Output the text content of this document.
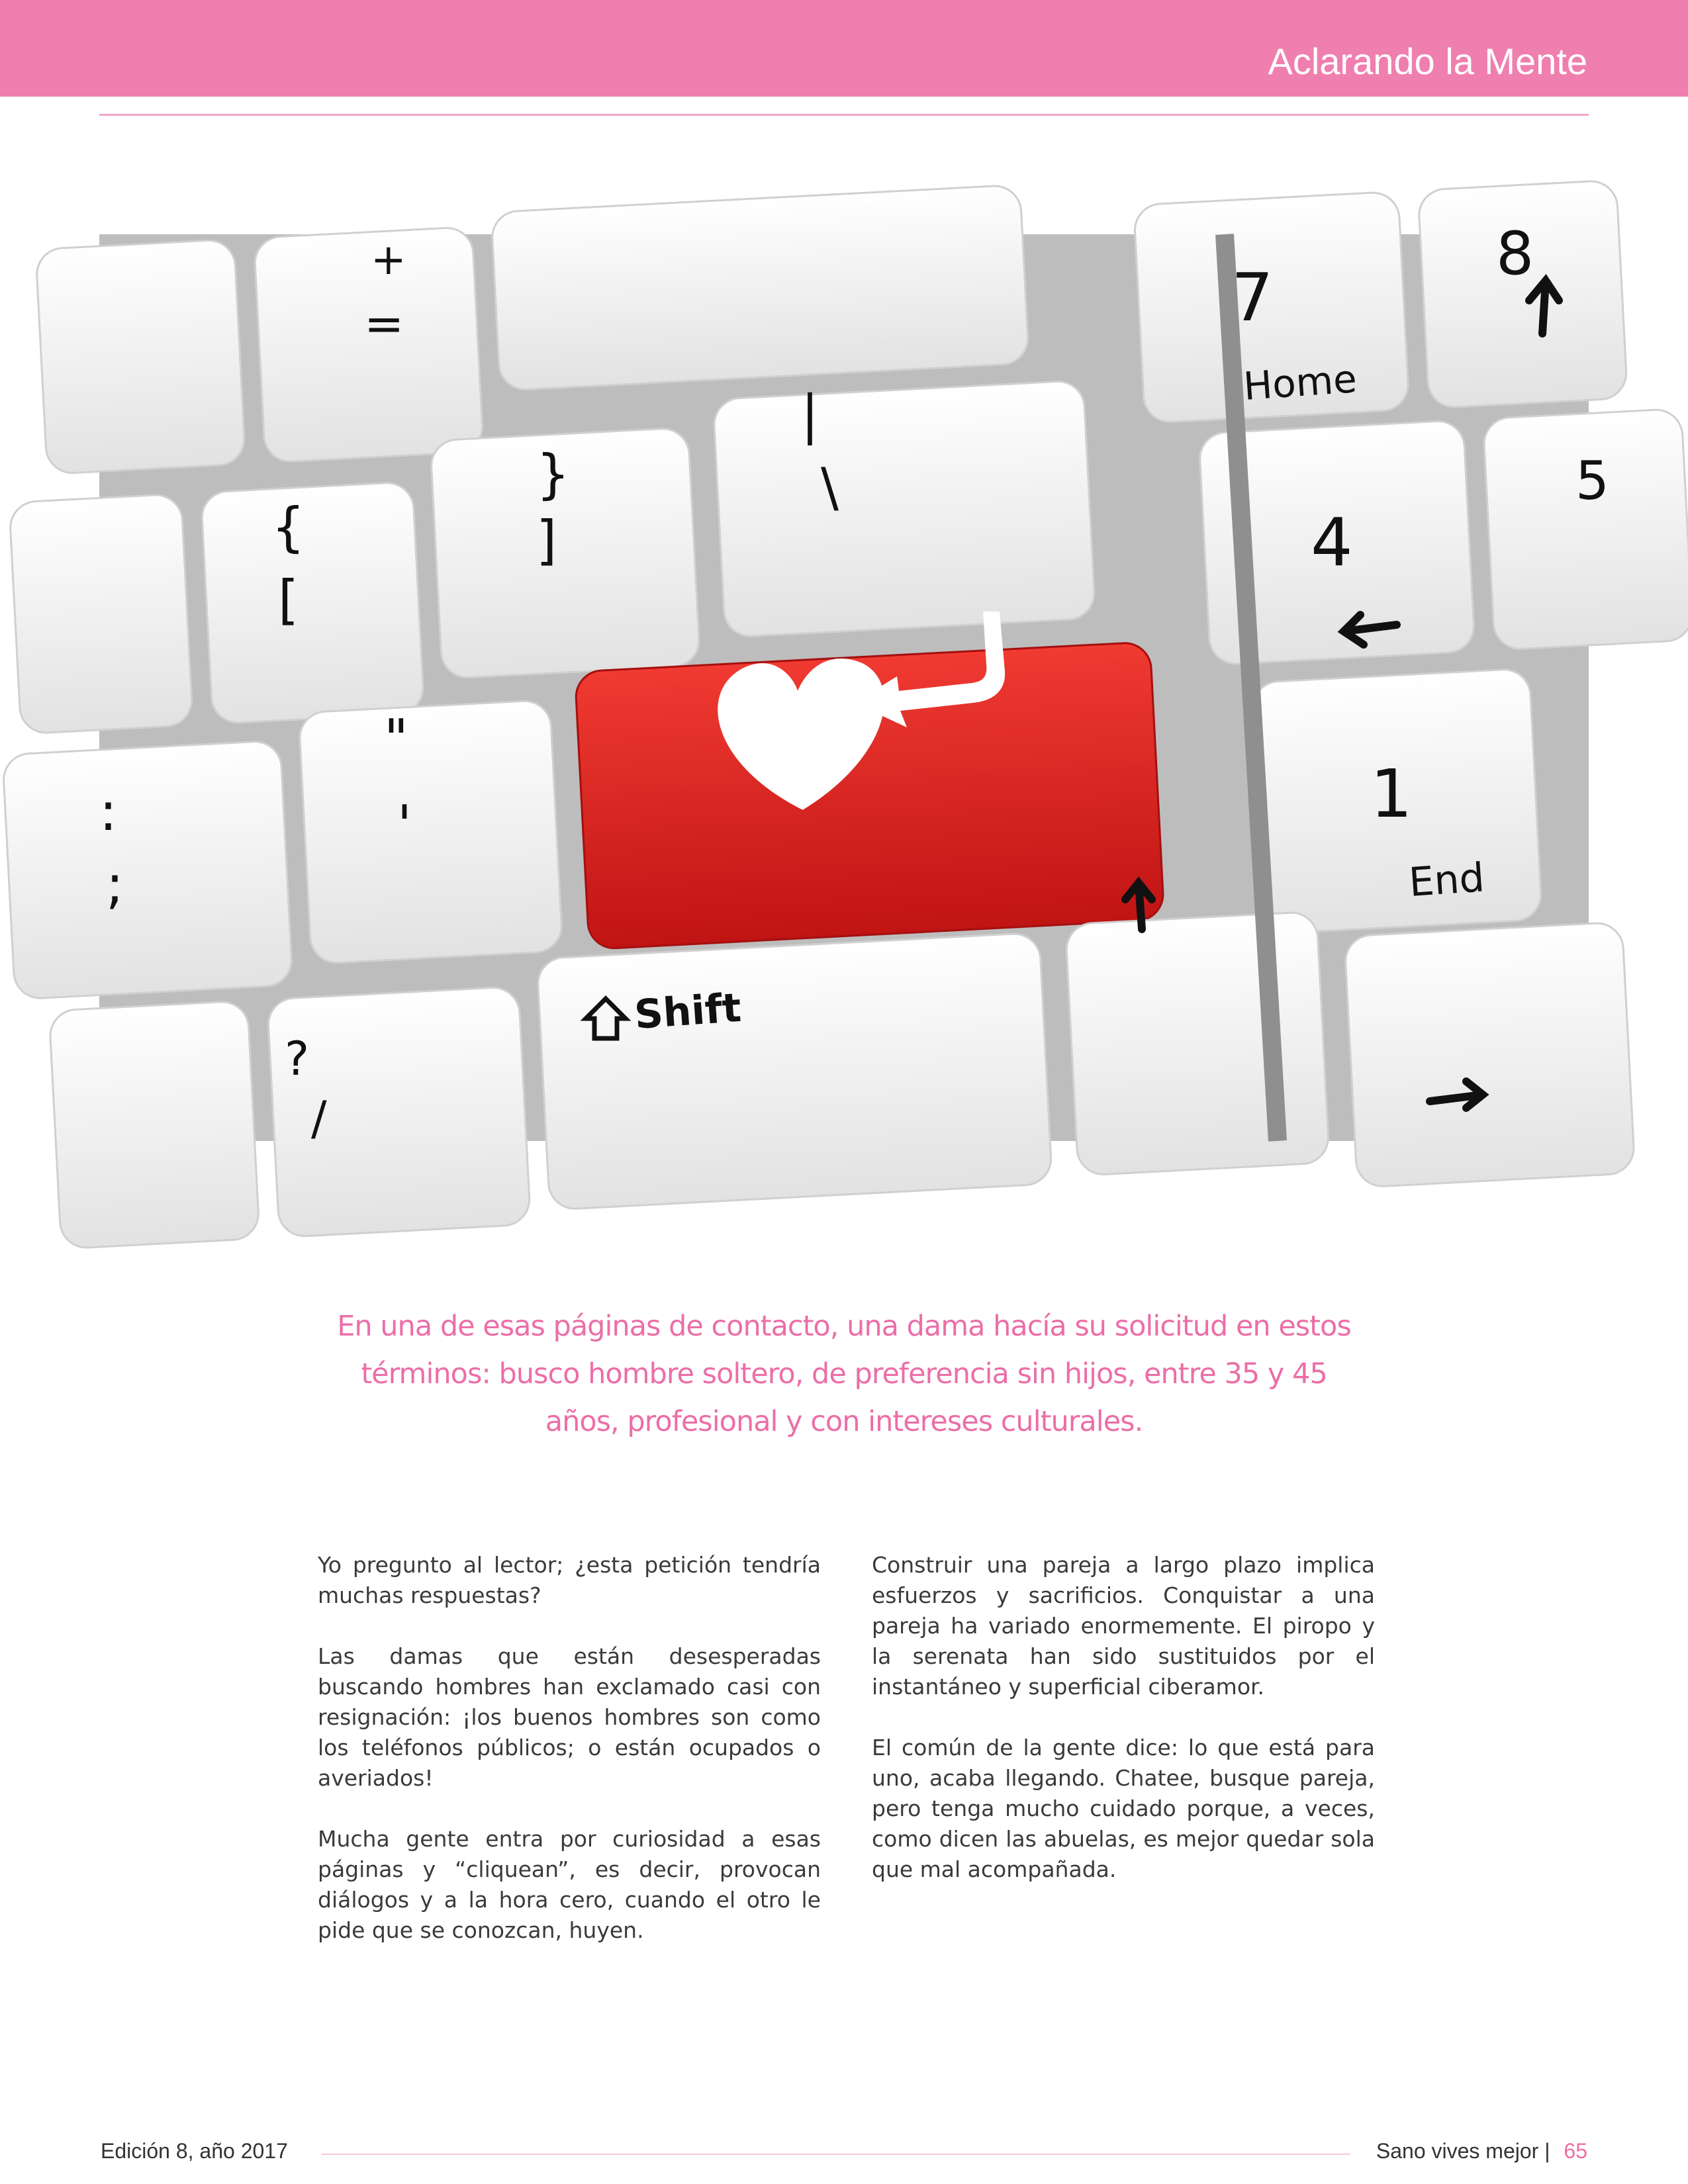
Aclarando la Mente
+
=	7
Home
8
}
]
{
[
|
\
4
5
"
'
:
;
1
End
Shift
?
/
En una de esas páginas de contacto, una dama hacía su solicitud en estos términos: busco hombre soltero, de preferencia sin hijos, entre 35 y 45 años, profesional y con intereses culturales.

Yo pregunto al lector; ¿esta petición tendría muchas respuestas?

Las damas que están desesperadas buscando hombres han exclamado casi con resignación: ¡los buenos hombres son como los teléfonos públicos; o están ocupados o averiados!

Mucha gente entra por curiosidad a esas páginas y “cliquean”, es decir, provocan diálogos y a la hora cero, cuando el otro le pide que se conozcan, huyen.

Construir una pareja a largo plazo implica esfuerzos y sacrificios. Conquistar a una pareja ha variado enormemente. El piropo y la serenata han sido sustituidos por el instantáneo y superficial ciberamor.

El común de la gente dice: lo que está para uno, acaba llegando. Chatee, busque pareja, pero tenga mucho cuidado porque, a veces, como dicen las abuelas, es mejor quedar sola que mal acompañada.

Edición 8, año 2017	Sano vives mejor | 65
